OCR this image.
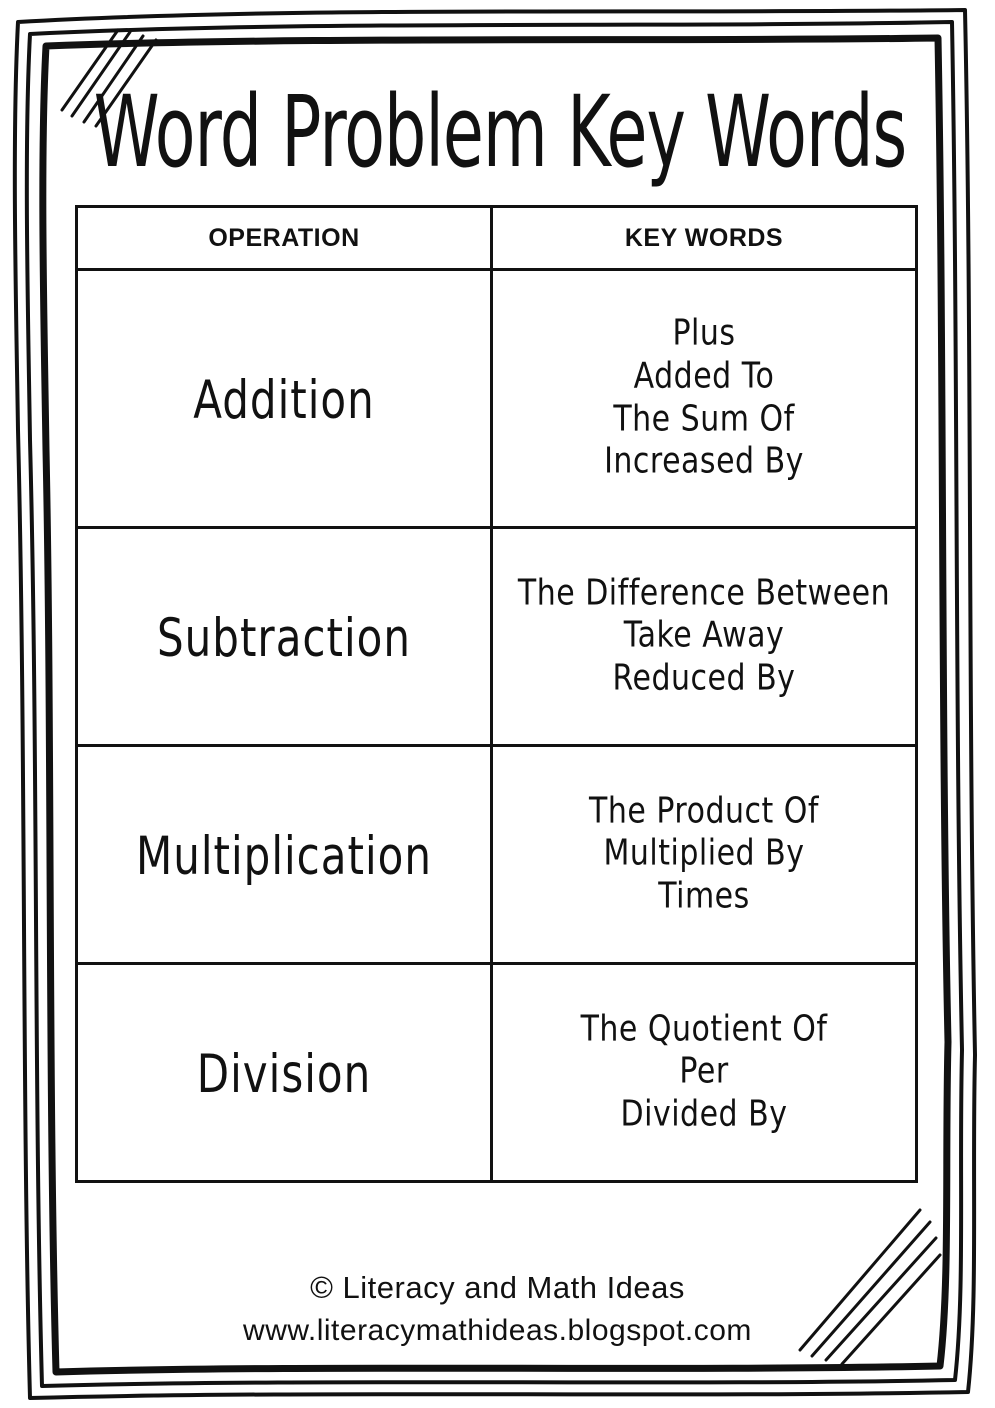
Word Problem Key Words
OPERATION	KEY WORDS

Addition	Plus
Added To
The Sum Of
Increased By

Subtraction	The Difference Between
Take Away
Reduced By

Multiplication	The Product Of
Multiplied By
Times

Division	The Quotient Of
Per
Divided By
© Literacy and Math Ideas
www.literacymathideas.blogspot.com
